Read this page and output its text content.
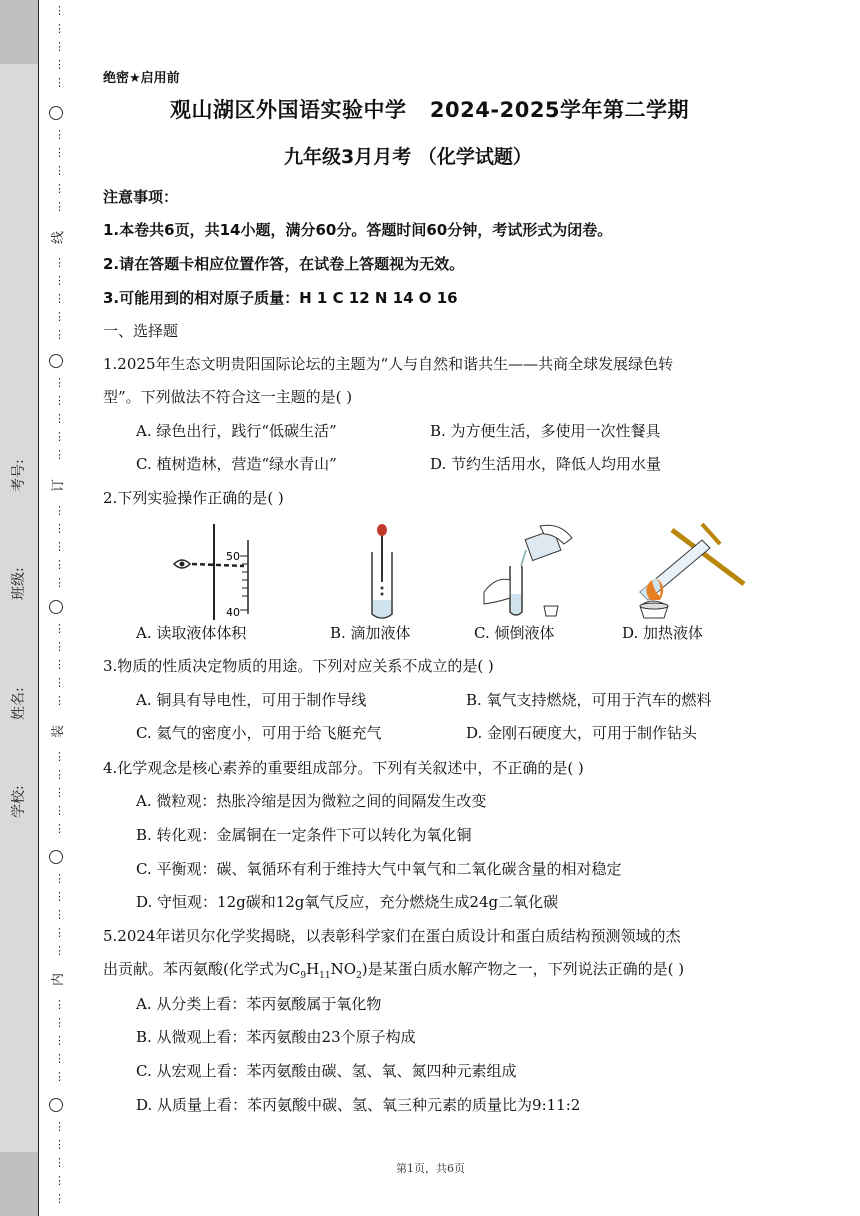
学校:
姓名:
班级:
考号:
⋮
⋮
⋮
⋮
⋮
⋮
⋮
⋮
⋮
⋮
线
⋮
⋮
⋮
⋮
⋮
⋮
⋮
⋮
⋮
⋮
订
⋮
⋮
⋮
⋮
⋮
⋮
⋮
⋮
⋮
⋮
装
⋮
⋮
⋮
⋮
⋮
⋮
⋮
⋮
⋮
⋮
内
⋮
⋮
⋮
⋮
⋮
⋮
⋮
⋮
⋮
⋮
绝密★启用前
观山湖区外国语实验中学   2024-2025学年第二学期
九年级3月月考 （化学试题）
注意事项：
1.本卷共6页，共14小题，满分60分。答题时间60分钟，考试形式为闭卷。
2.请在答题卡相应位置作答，在试卷上答题视为无效。
3.可能用到的相对原子质量：H 1 C 12 N 14 O 16
一、选择题
1.2025年生态文明贵阳国际论坛的主题为“人与自然和谐共生——共商全球发展绿色转
型”。下列做法不符合这一主题的是( )
A. 绿色出行，践行“低碳生活”	B. 为方便生活，多使用一次性餐具
C. 植树造林，营造“绿水青山”	D. 节约生活用水，降低人均用水量
2.下列实验操作正确的是( )
50
40
A. 读取液体体积	B. 滴加液体	C. 倾倒液体	D. 加热液体
3.物质的性质决定物质的用途。下列对应关系不成立的是( )
A. 铜具有导电性，可用于制作导线	B. 氧气支持燃烧，可用于汽车的燃料
C. 氦气的密度小，可用于给飞艇充气	D. 金刚石硬度大，可用于制作钻头
4.化学观念是核心素养的重要组成部分。下列有关叙述中，不正确的是( )
A. 微粒观：热胀冷缩是因为微粒之间的间隔发生改变
B. 转化观：金属铜在一定条件下可以转化为氧化铜
C. 平衡观：碳、氧循环有利于维持大气中氧气和二氧化碳含量的相对稳定
D. 守恒观：12g碳和12g氧气反应，充分燃烧生成24g二氧化碳
5.2024年诺贝尔化学奖揭晓，以表彰科学家们在蛋白质设计和蛋白质结构预测领域的杰
出贡献。苯丙氨酸(化学式为$C_9H_{11}NO_2$)是某蛋白质水解产物之一，下列说法正确的是( )
A. 从分类上看：苯丙氨酸属于氧化物
B. 从微观上看：苯丙氨酸由23个原子构成
C. 从宏观上看：苯丙氨酸由碳、氢、氧、氮四种元素组成
D. 从质量上看：苯丙氨酸中碳、氢、氧三种元素的质量比为9:11:2
第1页，共6页
